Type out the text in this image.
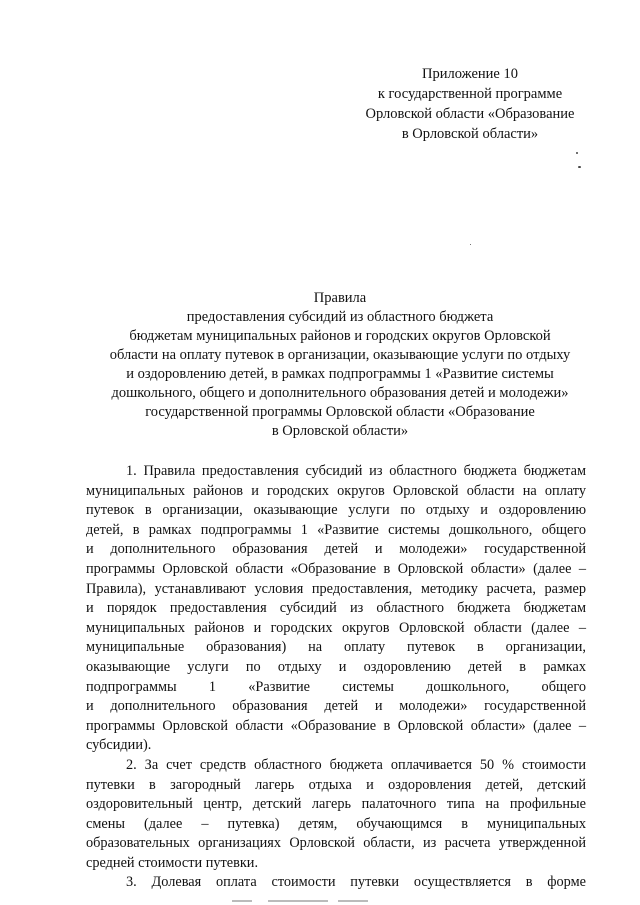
Приложение 10
к государственной программе
Орловской области «Образование
в Орловской области»
Правила
предоставления субсидий из областного бюджета
бюджетам муниципальных районов и городских округов Орловской
области на оплату путевок в организации, оказывающие услуги по отдыху
и оздоровлению детей, в рамках подпрограммы 1 «Развитие системы
дошкольного, общего и дополнительного образования детей и молодежи»
государственной программы Орловской области «Образование
в Орловской области»
1. Правила предоставления субсидий из областного бюджета бюджетам
муниципальных районов и городских округов Орловской области на оплату
путевок в организации, оказывающие услуги по отдыху и оздоровлению
детей, в рамках подпрограммы 1 «Развитие системы дошкольного, общего
и дополнительного образования детей и молодежи» государственной
программы Орловской области «Образование в Орловской области» (далее –
Правила), устанавливают условия предоставления, методику расчета, размер
и порядок предоставления субсидий из областного бюджета бюджетам
муниципальных районов и городских округов Орловской области (далее –
муниципальные образования) на оплату путевок в организации,
оказывающие услуги по отдыху и оздоровлению детей в рамках
подпрограммы 1 «Развитие системы дошкольного, общего
и дополнительного образования детей и молодежи» государственной
программы Орловской области «Образование в Орловской области» (далее –
субсидии).
2. За счет средств областного бюджета оплачивается 50 % стоимости
путевки в загородный лагерь отдыха и оздоровления детей, детский
оздоровительный центр, детский лагерь палаточного типа на профильные
смены (далее – путевка) детям, обучающимся в муниципальных
образовательных организациях Орловской области, из расчета утвержденной
средней стоимости путевки.
3. Долевая оплата стоимости путевки осуществляется в форме
